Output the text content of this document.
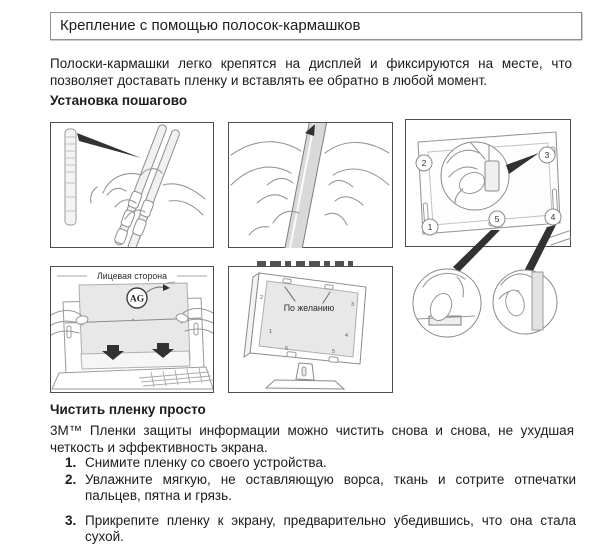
Крепление с помощью полосок-кармашков
Полоски-кармашки легко крепятся на дисплей и фиксируются на месте, что позволяет доставать пленку и вставлять ее обратно в любой момент.
Установка пошагово
1
2
3
4
5
Лицевая сторона
AG
По желанию
2
3
1
4
6	5
Чистить пленку просто
3M™ Пленки защиты информации можно чистить снова и снова, не ухудшая четкость и эффективность экрана.
1. Снимите пленку со своего устройства.
2. Увлажните мягкую, не оставляющую ворса, ткань и сотрите отпечатки пальцев, пятна и грязь.
3. Прикрепите пленку к экрану, предварительно убедившись, что она стала сухой.
